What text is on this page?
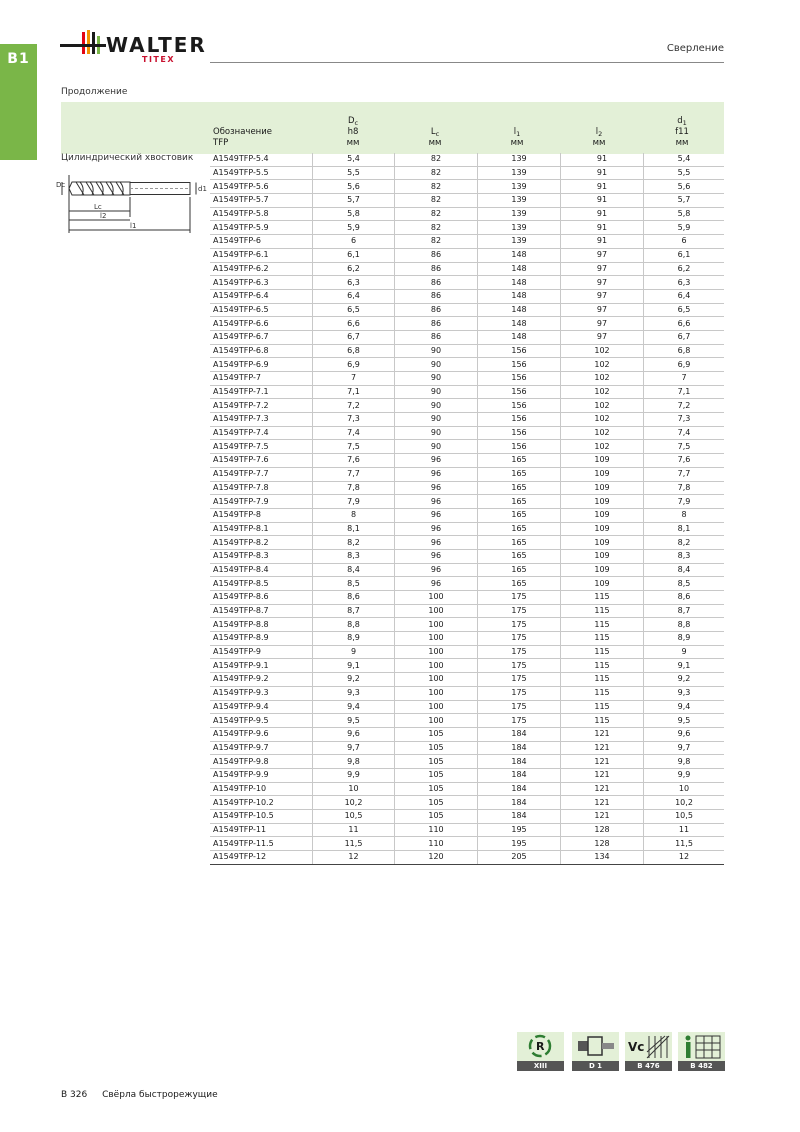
B1
WALTER
TITEX
Сверление
Продолжение
Обозначение
TFP
$D_c$
h8
мм
$L_c$
мм
$l_1$
мм
$l_2$
мм
$d_1$
f11
мм
Цилиндрический хвостовик
Dc	d1
Lc
l2
l1
A1549TFP-5.4	5,4	82	139	91	5,4
A1549TFP-5.5	5,5	82	139	91	5,5
A1549TFP-5.6	5,6	82	139	91	5,6
A1549TFP-5.7	5,7	82	139	91	5,7
A1549TFP-5.8	5,8	82	139	91	5,8
A1549TFP-5.9	5,9	82	139	91	5,9
A1549TFP-6	6	82	139	91	6
A1549TFP-6.1	6,1	86	148	97	6,1
A1549TFP-6.2	6,2	86	148	97	6,2
A1549TFP-6.3	6,3	86	148	97	6,3
A1549TFP-6.4	6,4	86	148	97	6,4
A1549TFP-6.5	6,5	86	148	97	6,5
A1549TFP-6.6	6,6	86	148	97	6,6
A1549TFP-6.7	6,7	86	148	97	6,7
A1549TFP-6.8	6,8	90	156	102	6,8
A1549TFP-6.9	6,9	90	156	102	6,9
A1549TFP-7	7	90	156	102	7
A1549TFP-7.1	7,1	90	156	102	7,1
A1549TFP-7.2	7,2	90	156	102	7,2
A1549TFP-7.3	7,3	90	156	102	7,3
A1549TFP-7.4	7,4	90	156	102	7,4
A1549TFP-7.5	7,5	90	156	102	7,5
A1549TFP-7.6	7,6	96	165	109	7,6
A1549TFP-7.7	7,7	96	165	109	7,7
A1549TFP-7.8	7,8	96	165	109	7,8
A1549TFP-7.9	7,9	96	165	109	7,9
A1549TFP-8	8	96	165	109	8
A1549TFP-8.1	8,1	96	165	109	8,1
A1549TFP-8.2	8,2	96	165	109	8,2
A1549TFP-8.3	8,3	96	165	109	8,3
A1549TFP-8.4	8,4	96	165	109	8,4
A1549TFP-8.5	8,5	96	165	109	8,5
A1549TFP-8.6	8,6	100	175	115	8,6
A1549TFP-8.7	8,7	100	175	115	8,7
A1549TFP-8.8	8,8	100	175	115	8,8
A1549TFP-8.9	8,9	100	175	115	8,9
A1549TFP-9	9	100	175	115	9
A1549TFP-9.1	9,1	100	175	115	9,1
A1549TFP-9.2	9,2	100	175	115	9,2
A1549TFP-9.3	9,3	100	175	115	9,3
A1549TFP-9.4	9,4	100	175	115	9,4
A1549TFP-9.5	9,5	100	175	115	9,5
A1549TFP-9.6	9,6	105	184	121	9,6
A1549TFP-9.7	9,7	105	184	121	9,7
A1549TFP-9.8	9,8	105	184	121	9,8
A1549TFP-9.9	9,9	105	184	121	9,9
A1549TFP-10	10	105	184	121	10
A1549TFP-10.2	10,2	105	184	121	10,2
A1549TFP-10.5	10,5	105	184	121	10,5
A1549TFP-11	11	110	195	128	11
A1549TFP-11.5	11,5	110	195	128	11,5
A1549TFP-12	12	120	205	134	12
R
XIII	D 1
Vc
B 476	B 482
B 326 Свёрла быстрорежущие
